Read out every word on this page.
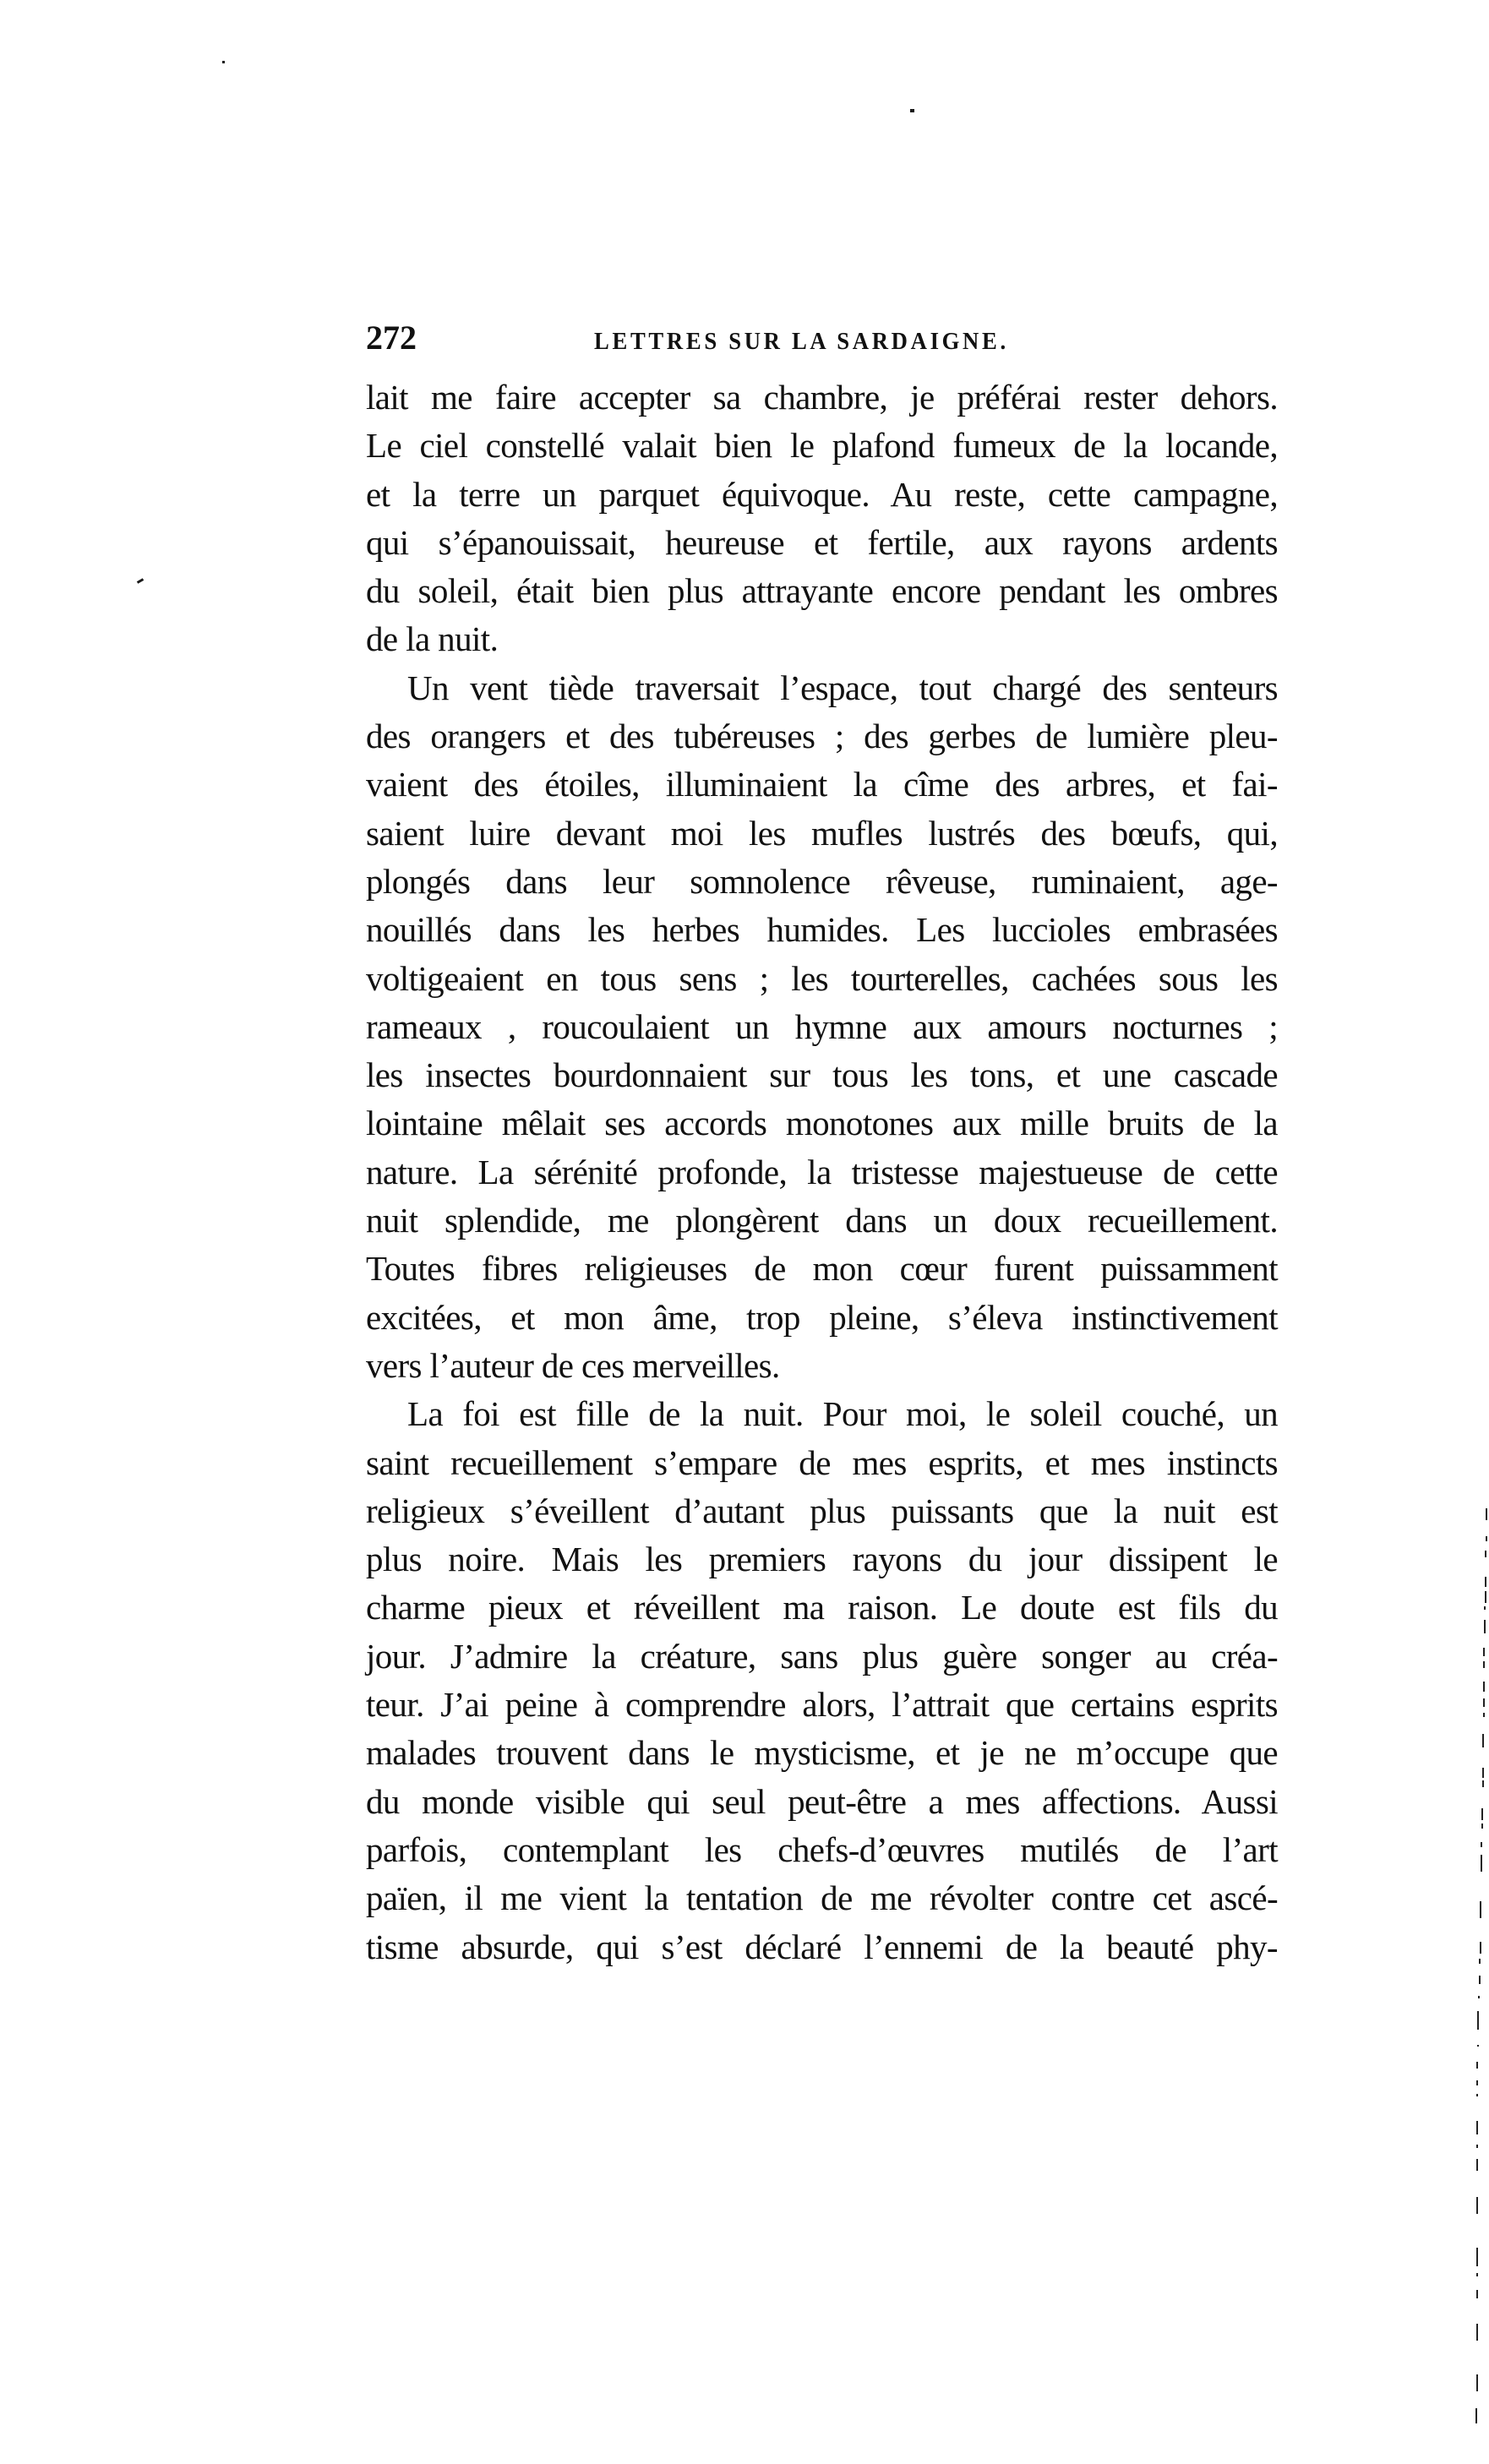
272	LETTRES SUR LA SARDAIGNE.
lait me faire accepter sa chambre, je préférai rester dehors.
Le ciel constellé valait bien le plafond fumeux de la locande,
et la terre un parquet équivoque. Au reste, cette campagne,
qui s’épanouissait, heureuse et fertile, aux rayons ardents
du soleil, était bien plus attrayante encore pendant les ombres
de la nuit.
Un vent tiède traversait l’espace, tout chargé des senteurs
des orangers et des tubéreuses ; des gerbes de lumière pleu-
vaient des étoiles, illuminaient la cîme des arbres, et fai-
saient luire devant moi les mufles lustrés des bœufs, qui,
plongés dans leur somnolence rêveuse, ruminaient, age-
nouillés dans les herbes humides. Les luccioles embrasées
voltigeaient en tous sens ; les tourterelles, cachées sous les
rameaux , roucoulaient un hymne aux amours nocturnes ;
les insectes bourdonnaient sur tous les tons, et une cascade
lointaine mêlait ses accords monotones aux mille bruits de la
nature. La sérénité profonde, la tristesse majestueuse de cette
nuit splendide, me plongèrent dans un doux recueillement.
Toutes fibres religieuses de mon cœur furent puissamment
excitées, et mon âme, trop pleine, s’éleva instinctivement
vers l’auteur de ces merveilles.
La foi est fille de la nuit. Pour moi, le soleil couché, un
saint recueillement s’empare de mes esprits, et mes instincts
religieux s’éveillent d’autant plus puissants que la nuit est
plus noire. Mais les premiers rayons du jour dissipent le
charme pieux et réveillent ma raison. Le doute est fils du
jour. J’admire la créature, sans plus guère songer au créa-
teur. J’ai peine à comprendre alors, l’attrait que certains esprits
malades trouvent dans le mysticisme, et je ne m’occupe que
du monde visible qui seul peut-être a mes affections. Aussi
parfois, contemplant les chefs-d’œuvres mutilés de l’art
païen, il me vient la tentation de me révolter contre cet ascé-
tisme absurde, qui s’est déclaré l’ennemi de la beauté phy-
